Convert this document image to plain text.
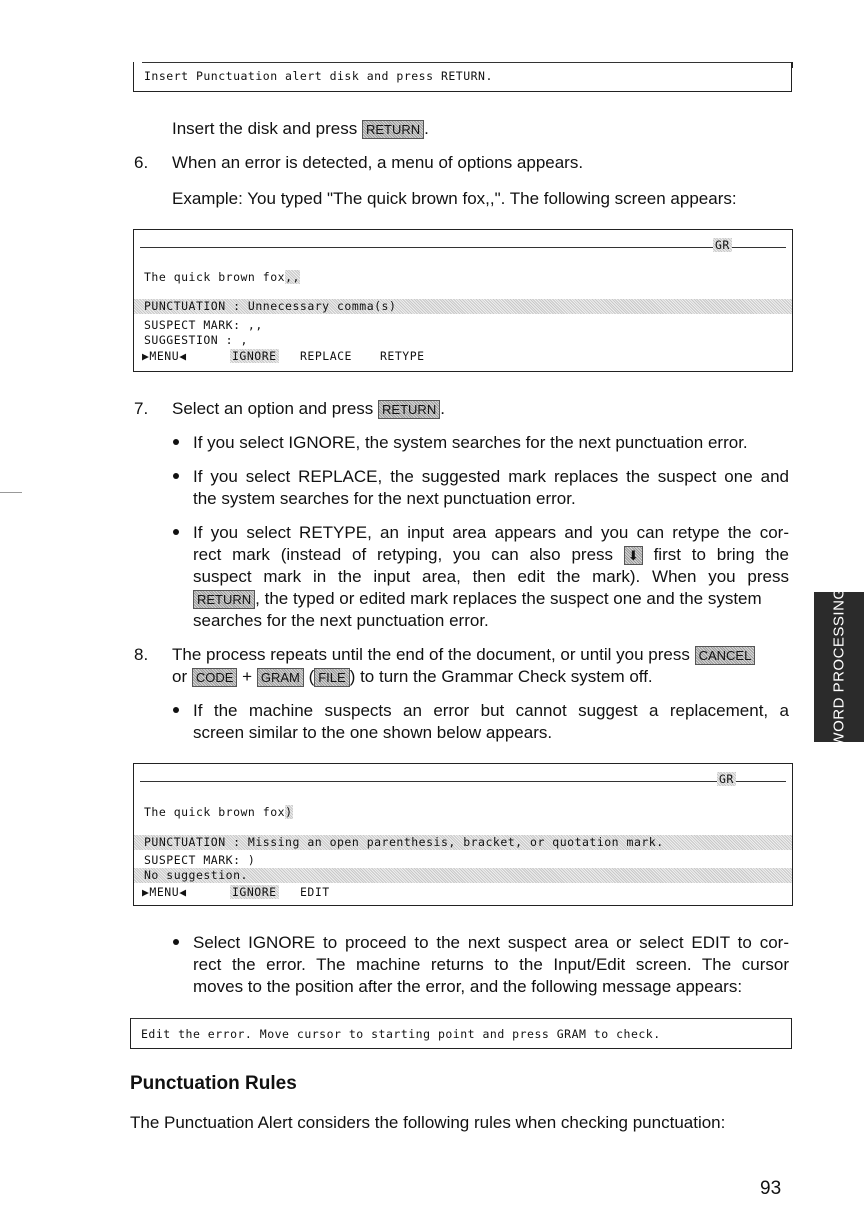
Insert Punctuation alert disk and press RETURN.
Insert the disk and press RETURN .
6. When an error is detected, a menu of options appears.
Example: You typed "The quick brown fox,,". The following screen appears:
GR
The quick brown fox,,
PUNCTUATION : Unnecessary comma(s)
SUSPECT MARK: ,,
SUGGESTION : ,
▶MENU◀	IGNORE REPLACE RETYPE
7. Select an option and press RETURN .
If you select IGNORE, the system searches for the next punctuation error.
If you select REPLACE, the suggested mark replaces the suspect one and
the system searches for the next punctuation error.
If you select RETYPE, an input area appears and you can retype the cor-
rect mark (instead of retyping, you can also press ⬇ first to bring the
suspect mark in the input area, then edit the mark). When you press
RETURN , the typed or edited mark replaces the suspect one and the system
searches for the next punctuation error.
8. The process repeats until the end of the document, or until you press CANCEL
or CODE + GRAM ( FILE ) to turn the Grammar Check system off.
If the machine suspects an error but cannot suggest a replacement, a
screen similar to the one shown below appears.
GR
The quick brown fox)
PUNCTUATION : Missing an open parenthesis, bracket, or quotation mark.
SUSPECT MARK: )
No suggestion.
▶MENU◀	IGNORE EDIT
Select IGNORE to proceed to the next suspect area or select EDIT to cor-
rect the error. The machine returns to the Input/Edit screen. The cursor
moves to the position after the error, and the following message appears:
Edit the error. Move cursor to starting point and press GRAM to check.
Punctuation Rules
The Punctuation Alert considers the following rules when checking punctuation:
WORD PROCESSING
93
